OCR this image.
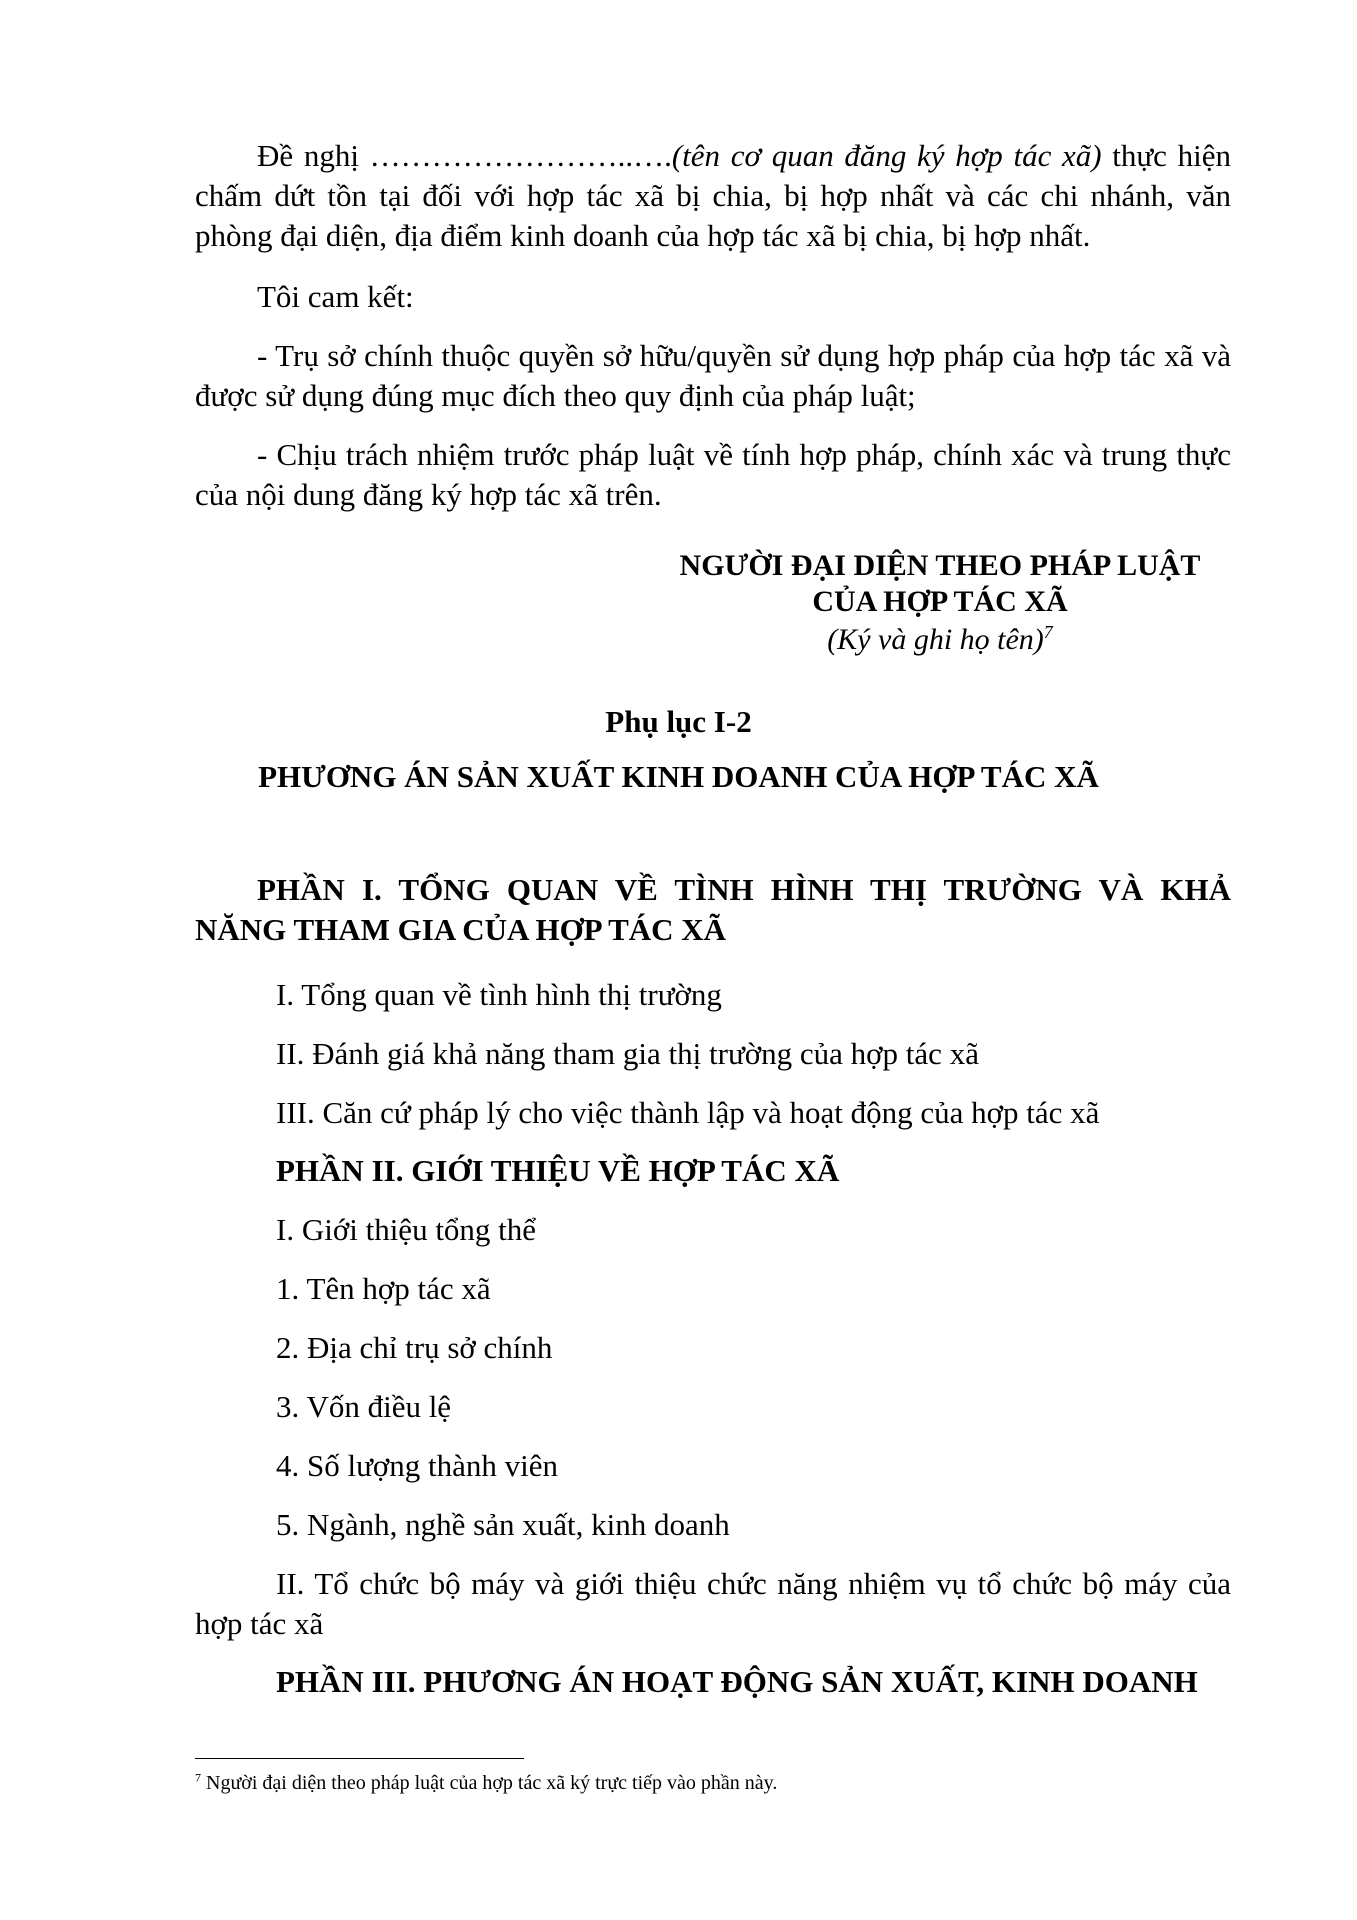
Đề nghị ……………………..….(tên cơ quan đăng ký hợp tác xã) thực hiện chấm dứt tồn tại đối với hợp tác xã bị chia, bị hợp nhất và các chi nhánh, văn phòng đại diện, địa điểm kinh doanh của hợp tác xã bị chia, bị hợp nhất.
Tôi cam kết:
- Trụ sở chính thuộc quyền sở hữu/quyền sử dụng hợp pháp của hợp tác xã và được sử dụng đúng mục đích theo quy định của pháp luật;
- Chịu trách nhiệm trước pháp luật về tính hợp pháp, chính xác và trung thực của nội dung đăng ký hợp tác xã trên.
NGƯỜI ĐẠI DIỆN THEO PHÁP LUẬT
CỦA HỢP TÁC XÃ
(Ký và ghi họ tên)$^7$
Phụ lục I-2
PHƯƠNG ÁN SẢN XUẤT KINH DOANH CỦA HỢP TÁC XÃ
PHẦN I. TỔNG QUAN VỀ TÌNH HÌNH THỊ TRƯỜNG VÀ KHẢ NĂNG THAM GIA CỦA HỢP TÁC XÃ
I. Tổng quan về tình hình thị trường
II. Đánh giá khả năng tham gia thị trường của hợp tác xã
III. Căn cứ pháp lý cho việc thành lập và hoạt động của hợp tác xã
PHẦN II. GIỚI THIỆU VỀ HỢP TÁC XÃ
I. Giới thiệu tổng thể
1. Tên hợp tác xã
2. Địa chỉ trụ sở chính
3. Vốn điều lệ
4. Số lượng thành viên
5. Ngành, nghề sản xuất, kinh doanh
II. Tổ chức bộ máy và giới thiệu chức năng nhiệm vụ tổ chức bộ máy của hợp tác xã
PHẦN III. PHƯƠNG ÁN HOẠT ĐỘNG SẢN XUẤT, KINH DOANH
$^7$ Người đại diện theo pháp luật của hợp tác xã ký trực tiếp vào phần này.
